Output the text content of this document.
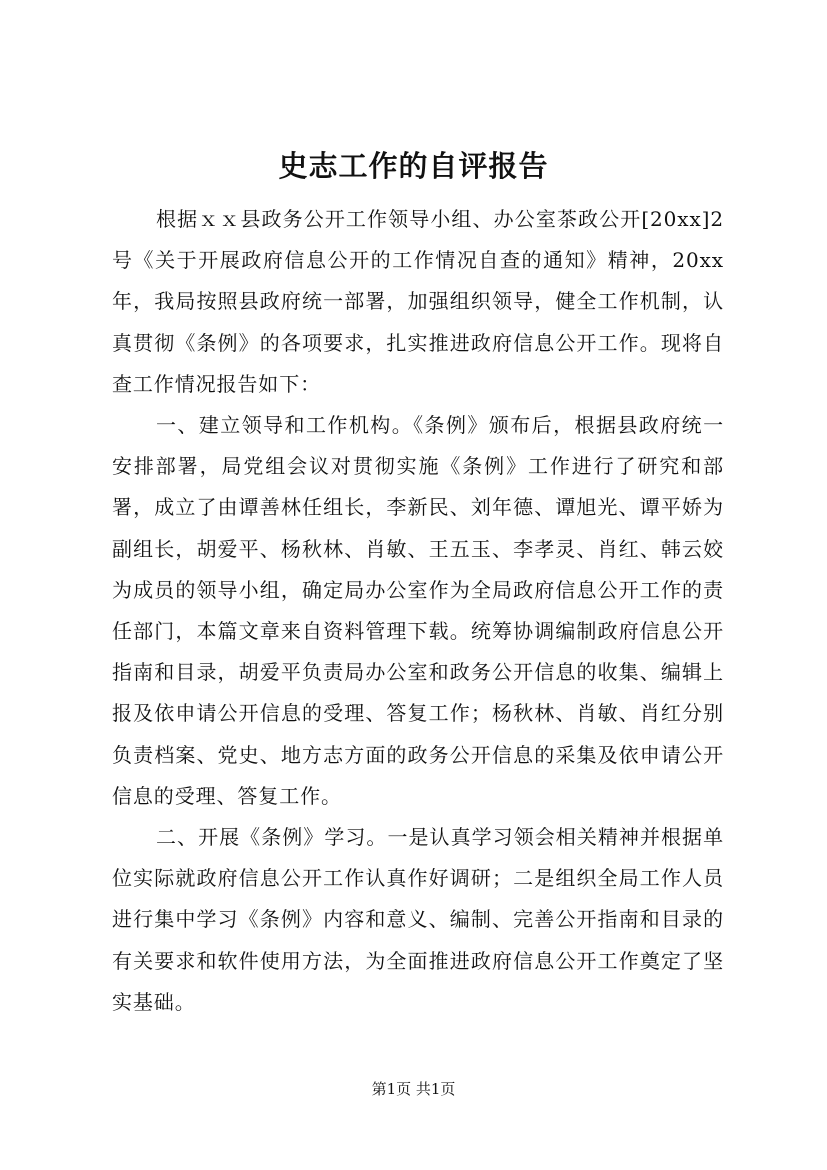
史志工作的自评报告

根据ｘｘ县政务公开工作领导小组、办公室茶政公开[20xx]2号《关于开展政府信息公开的工作情况自查的通知》精神，20xx年，我局按照县政府统一部署，加强组织领导，健全工作机制，认真贯彻《条例》的各项要求，扎实推进政府信息公开工作。现将自查工作情况报告如下：

一、建立领导和工作机构。《条例》颁布后，根据县政府统一安排部署，局党组会议对贯彻实施《条例》工作进行了研究和部署，成立了由谭善林任组长，李新民、刘年德、谭旭光、谭平娇为副组长，胡爱平、杨秋林、肖敏、王五玉、李孝灵、肖红、韩云姣为成员的领导小组，确定局办公室作为全局政府信息公开工作的责任部门，本篇文章来自资料管理下载。统筹协调编制政府信息公开指南和目录，胡爱平负责局办公室和政务公开信息的收集、编辑上报及依申请公开信息的受理、答复工作；杨秋林、肖敏、肖红分别负责档案、党史、地方志方面的政务公开信息的采集及依申请公开信息的受理、答复工作。

二、开展《条例》学习。一是认真学习领会相关精神并根据单位实际就政府信息公开工作认真作好调研；二是组织全局工作人员进行集中学习《条例》内容和意义、编制、完善公开指南和目录的有关要求和软件使用方法，为全面推进政府信息公开工作奠定了坚实基础。

第1页 共1页
